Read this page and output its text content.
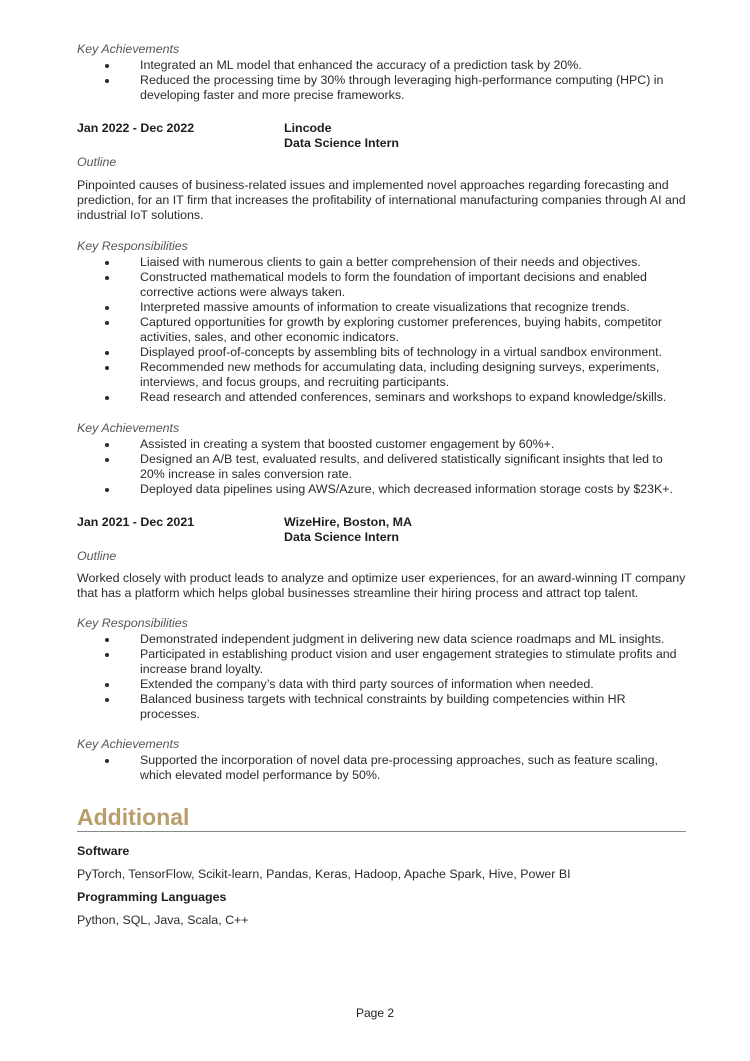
Key Achievements
Integrated an ML model that enhanced the accuracy of a prediction task by 20%.
Reduced the processing time by 30% through leveraging high-performance computing (HPC) in developing faster and more precise frameworks.
Jan 2022 - Dec 2022	Lincode
Data Science Intern
Outline

Pinpointed causes of business-related issues and implemented novel approaches regarding forecasting and prediction, for an IT firm that increases the profitability of international manufacturing companies through AI and industrial IoT solutions.

Key Responsibilities
Liaised with numerous clients to gain a better comprehension of their needs and objectives.
Constructed mathematical models to form the foundation of important decisions and enabled corrective actions were always taken.
Interpreted massive amounts of information to create visualizations that recognize trends.
Captured opportunities for growth by exploring customer preferences, buying habits, competitor activities, sales, and other economic indicators.
Displayed proof-of-concepts by assembling bits of technology in a virtual sandbox environment.
Recommended new methods for accumulating data, including designing surveys, experiments, interviews, and focus groups, and recruiting participants.
Read research and attended conferences, seminars and workshops to expand knowledge/skills.
Key Achievements
Assisted in creating a system that boosted customer engagement by 60%+.
Designed an A/B test, evaluated results, and delivered statistically significant insights that led to 20% increase in sales conversion rate.
Deployed data pipelines using AWS/Azure, which decreased information storage costs by $23K+.
Jan 2021 - Dec 2021	WizeHire, Boston, MA
Data Science Intern
Outline

Worked closely with product leads to analyze and optimize user experiences, for an award-winning IT company that has a platform which helps global businesses streamline their hiring process and attract top talent.

Key Responsibilities
Demonstrated independent judgment in delivering new data science roadmaps and ML insights.
Participated in establishing product vision and user engagement strategies to stimulate profits and increase brand loyalty.
Extended the company’s data with third party sources of information when needed.
Balanced business targets with technical constraints by building competencies within HR processes.
Key Achievements
Supported the incorporation of novel data pre-processing approaches, such as feature scaling, which elevated model performance by 50%.
Additional
Software
PyTorch, TensorFlow, Scikit-learn, Pandas, Keras, Hadoop, Apache Spark, Hive, Power BI
Programming Languages
Python, SQL, Java, Scala, C++
Page 2
